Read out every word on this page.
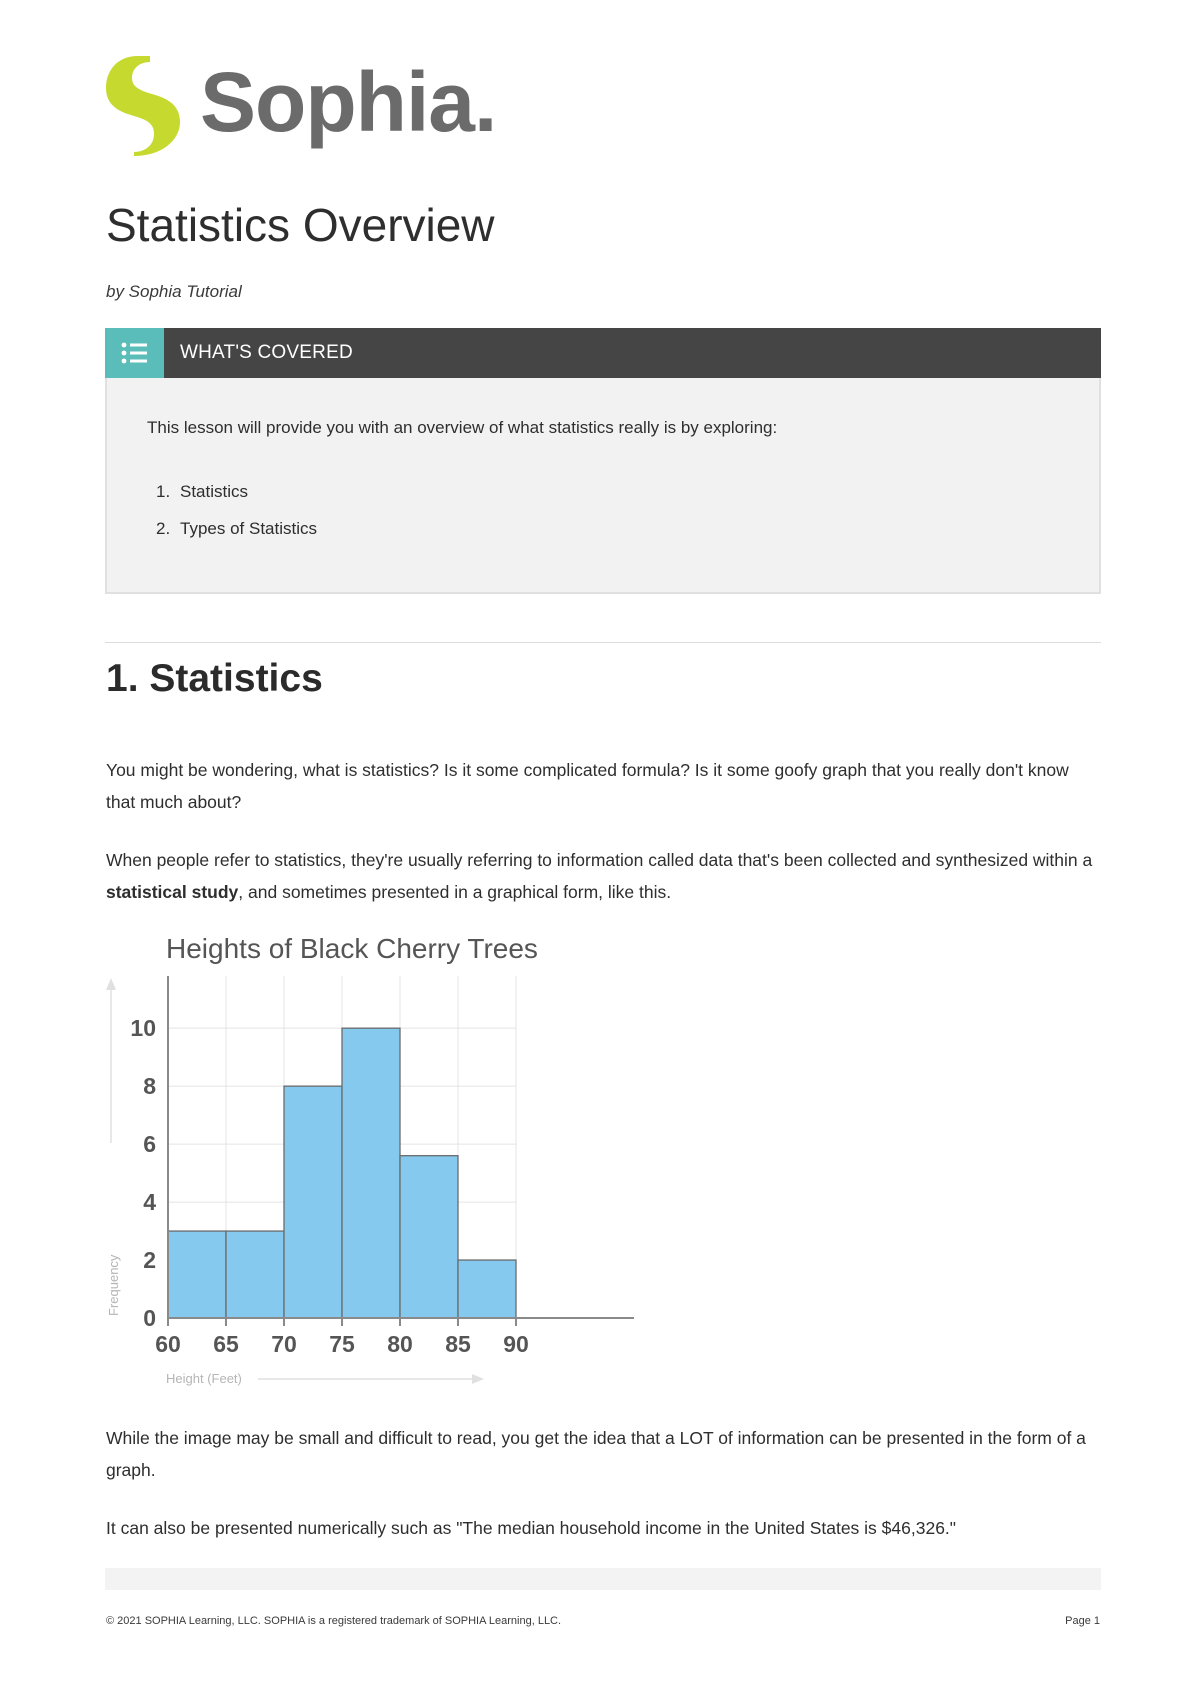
Sophia.
Statistics Overview

by Sophia Tutorial

WHAT'S COVERED

This lesson will provide you with an overview of what statistics really is by exploring:

1. Statistics
2. Types of Statistics
1. Statistics

You might be wondering, what is statistics? Is it some complicated formula? Is it some goofy graph that you really don't know that much about?

When people refer to statistics, they're usually referring to information called data that's been collected and synthesized within a statistical study, and sometimes presented in a graphical form, like this.

Heights of Black Cherry Trees
60 65 70 75 80 85 90
0
2
4
6
8
10
Frequency
Height (Feet)

While the image may be small and difficult to read, you get the idea that a LOT of information can be presented in the form of a graph.

It can also be presented numerically such as "The median household income in the United States is $46,326."

© 2021 SOPHIA Learning, LLC. SOPHIA is a registered trademark of SOPHIA Learning, LLC.	Page 1
